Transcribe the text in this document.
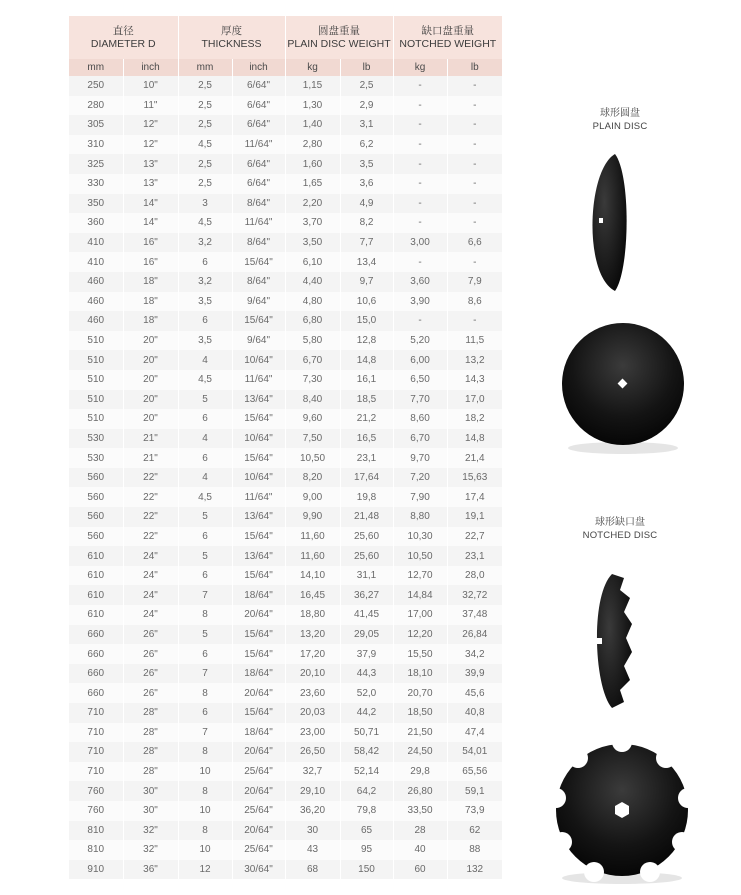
直径
DIAMETER D		厚度
THICKNESS		圆盘重量
PLAIN DISC WEIGHT		缺口盘重量
NOTCHED WEIGHT	

mm	inch	mm	inch	kg	lb	kg	lb
250	10"	2,5	6/64"	1,15	2,5	-	-
280	11"	2,5	6/64"	1,30	2,9	-	-
305	12"	2,5	6/64"	1,40	3,1	-	-
310	12"	4,5	11/64"	2,80	6,2	-	-
325	13"	2,5	6/64"	1,60	3,5	-	-
330	13"	2,5	6/64"	1,65	3,6	-	-
350	14"	3	8/64"	2,20	4,9	-	-
360	14"	4,5	11/64"	3,70	8,2	-	-
410	16"	3,2	8/64"	3,50	7,7	3,00	6,6
410	16"	6	15/64"	6,10	13,4	-	-
460	18"	3,2	8/64"	4,40	9,7	3,60	7,9
460	18"	3,5	9/64"	4,80	10,6	3,90	8,6
460	18"	6	15/64"	6,80	15,0	-	-
510	20"	3,5	9/64"	5,80	12,8	5,20	11,5
510	20"	4	10/64"	6,70	14,8	6,00	13,2
510	20"	4,5	11/64"	7,30	16,1	6,50	14,3
510	20"	5	13/64"	8,40	18,5	7,70	17,0
510	20"	6	15/64"	9,60	21,2	8,60	18,2
530	21"	4	10/64"	7,50	16,5	6,70	14,8
530	21"	6	15/64"	10,50	23,1	9,70	21,4
560	22"	4	10/64"	8,20	17,64	7,20	15,63
560	22"	4,5	11/64"	9,00	19,8	7,90	17,4
560	22"	5	13/64"	9,90	21,48	8,80	19,1
560	22"	6	15/64"	11,60	25,60	10,30	22,7
610	24"	5	13/64"	11,60	25,60	10,50	23,1
610	24"	6	15/64"	14,10	31,1	12,70	28,0
610	24"	7	18/64"	16,45	36,27	14,84	32,72
610	24"	8	20/64"	18,80	41,45	17,00	37,48
660	26"	5	15/64"	13,20	29,05	12,20	26,84
660	26"	6	15/64"	17,20	37,9	15,50	34,2
660	26"	7	18/64"	20,10	44,3	18,10	39,9
660	26"	8	20/64"	23,60	52,0	20,70	45,6
710	28"	6	15/64"	20,03	44,2	18,50	40,8
710	28"	7	18/64"	23,00	50,71	21,50	47,4
710	28"	8	20/64"	26,50	58,42	24,50	54,01
710	28"	10	25/64"	32,7	52,14	29,8	65,56
760	30"	8	20/64"	29,10	64,2	26,80	59,1
760	30"	10	25/64"	36,20	79,8	33,50	73,9
810	32"	8	20/64"	30	65	28	62
810	32"	10	25/64"	43	95	40	88
910	36"	12	30/64"	68	150	60	132
球形圆盘
PLAIN DISC
球形缺口盘
NOTCHED DISC
